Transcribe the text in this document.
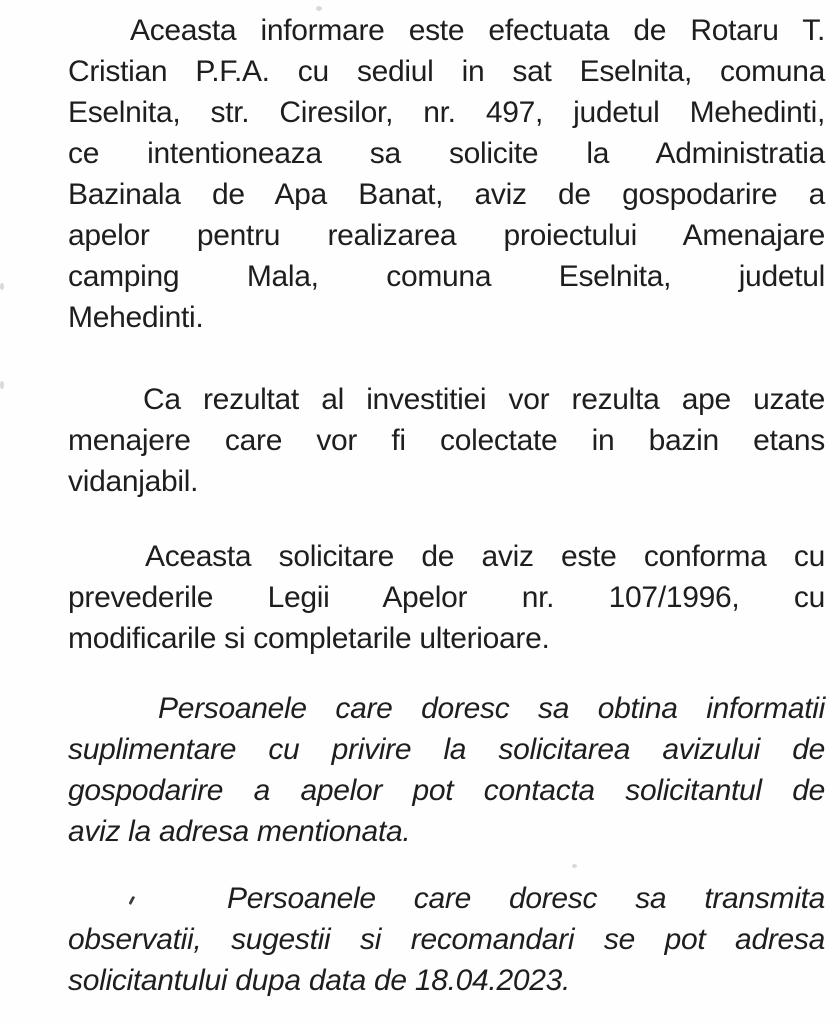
Aceasta informare este efectuata de Rotaru T.
Cristian P.F.A. cu sediul in sat Eselnita, comuna
Eselnita, str. Ciresilor, nr. 497, judetul Mehedinti,
ce intentioneaza sa solicite la Administratia
Bazinala de Apa Banat, aviz de gospodarire a
apelor pentru realizarea proiectului Amenajare
camping Mala, comuna Eselnita, judetul
Mehedinti.
Ca rezultat al investitiei vor rezulta ape uzate
menajere care vor fi colectate in bazin etans
vidanjabil.
Aceasta solicitare de aviz este conforma cu
prevederile Legii Apelor nr. 107/1996, cu
modificarile si completarile ulterioare.
Persoanele care doresc sa obtina informatii
suplimentare cu privire la solicitarea avizului de
gospodarire a apelor pot contacta solicitantul de
aviz la adresa mentionata.
Persoanele care doresc sa transmita
observatii, sugestii si recomandari se pot adresa
solicitantului dupa data de 18.04.2023.
